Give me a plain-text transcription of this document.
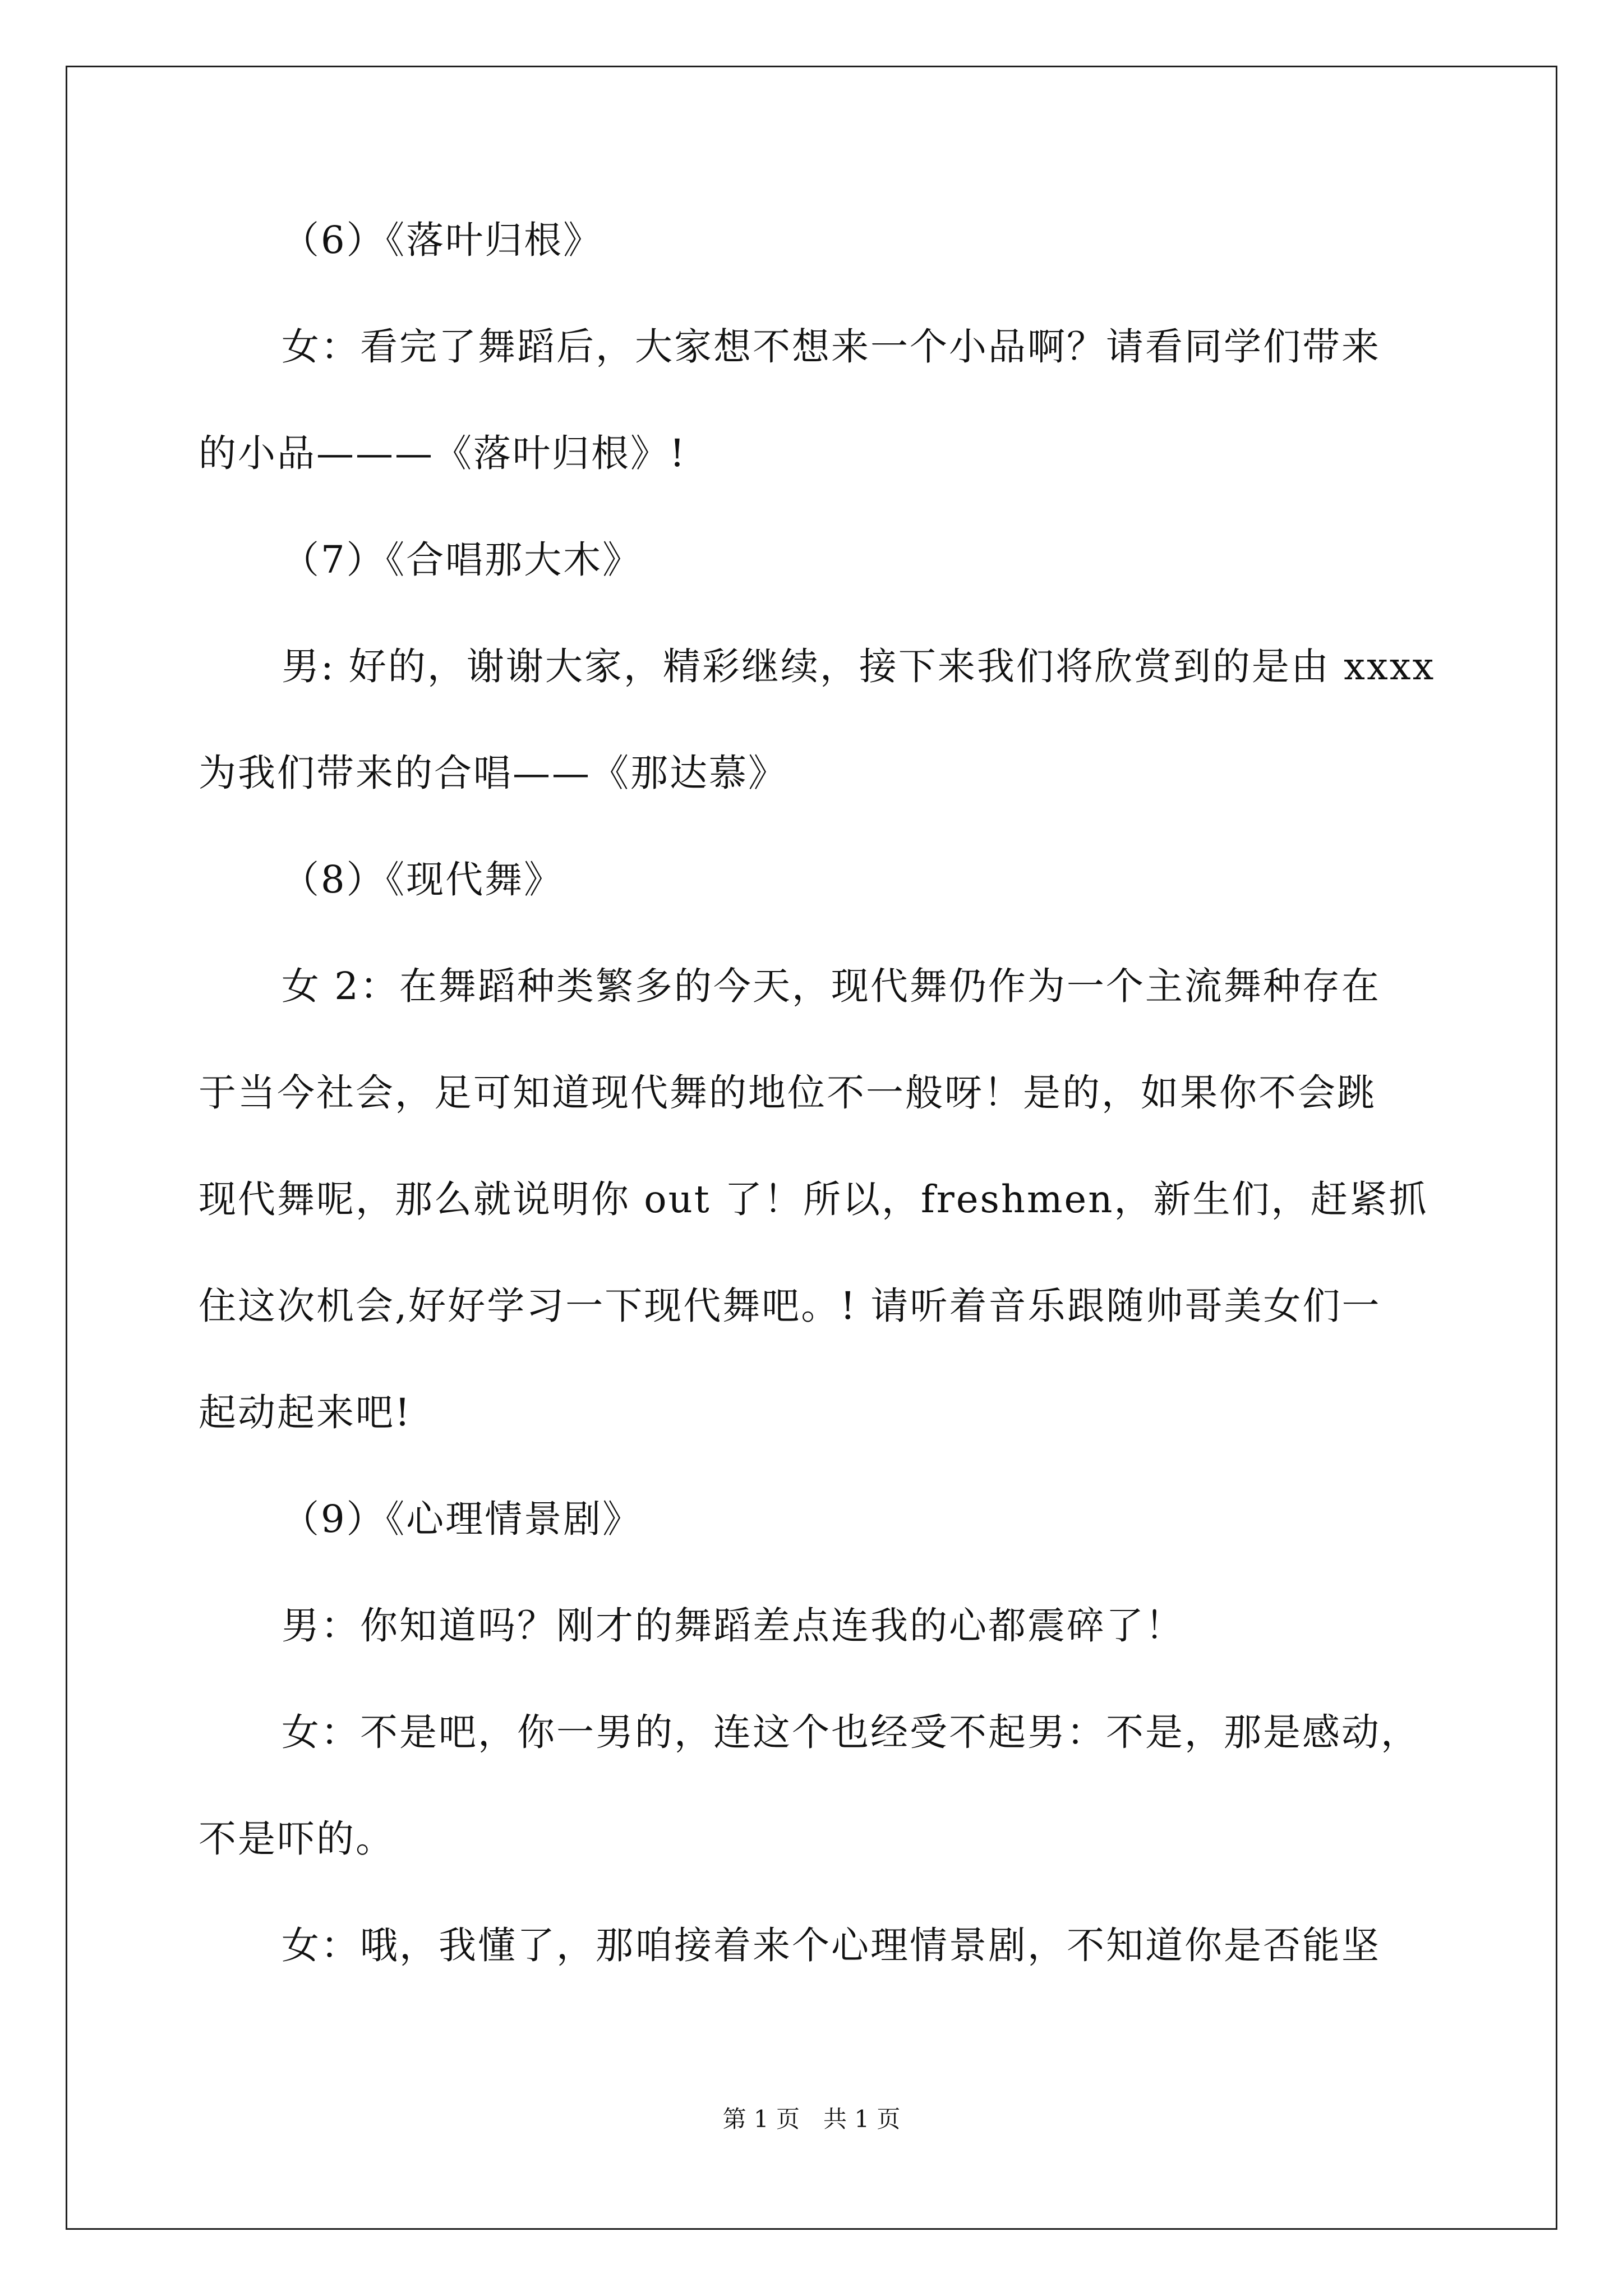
（6）《落叶归根》
女：看完了舞蹈后，大家想不想来一个小品啊？请看同学们带来
的小品———《落叶归根》!
（7）《合唱那大木》
男: 好的，谢谢大家，精彩继续，接下来我们将欣赏到的是由 xxxx
为我们带来的合唱——《那达慕》
（8）《现代舞》
女 2：在舞蹈种类繁多的今天，现代舞仍作为一个主流舞种存在
于当今社会，足可知道现代舞的地位不一般呀！是的，如果你不会跳
现代舞呢，那么就说明你 out 了！所以，freshmen，新生们，赶紧抓
住这次机会,好好学习一下现代舞吧。! 请听着音乐跟随帅哥美女们一
起动起来吧!
（9）《心理情景剧》
男：你知道吗？刚才的舞蹈差点连我的心都震碎了！
女：不是吧，你一男的，连这个也经受不起男：不是，那是感动，
不是吓的。
女：哦，我懂了，那咱接着来个心理情景剧，不知道你是否能坚
第 1 页　共 1 页
